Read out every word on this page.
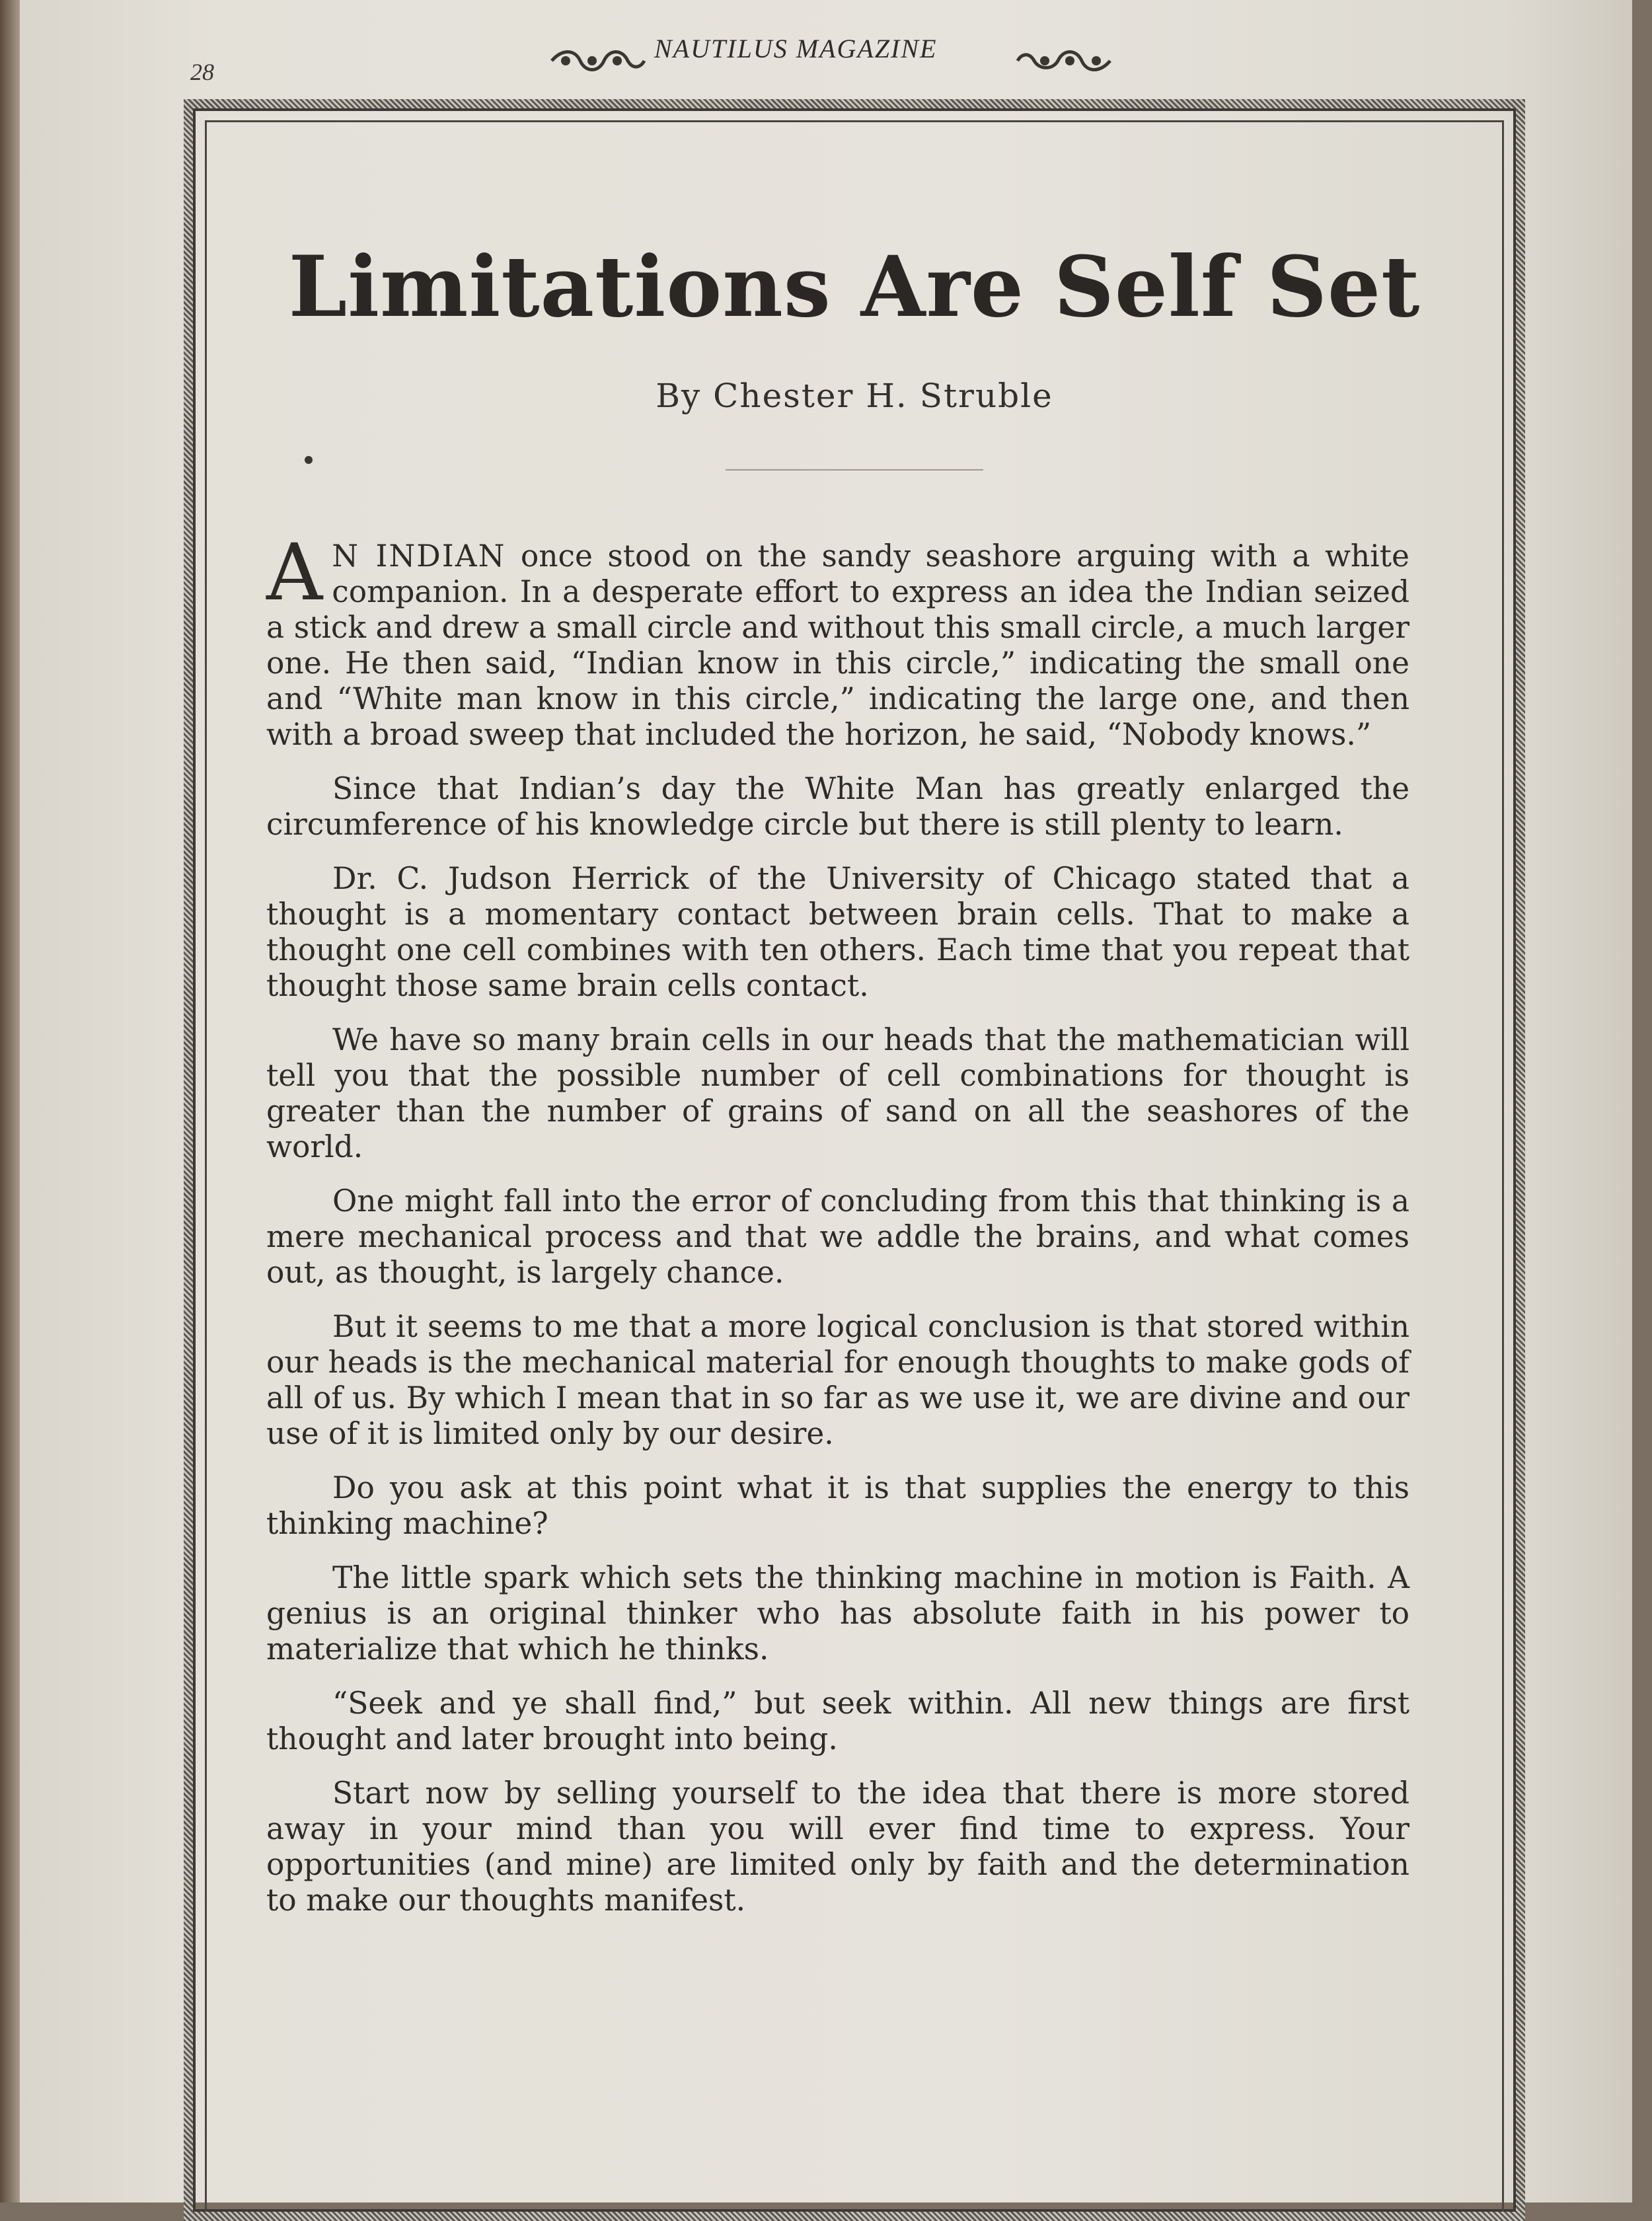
28
NAUTILUS MAGAZINE
Limitations Are Self Set
By Chester H. Struble

A N INDIAN once stood on the sandy seashore arguing with a white companion. In a desperate effort to express an idea the Indian seized a stick and drew a small circle and without this small circle, a much larger one. He then said, “Indian know in this circle,” indicating the small one and “White man know in this circle,” indicating the large one, and then with a broad sweep that included the horizon, he said, “Nobody knows.”

Since that Indian’s day the White Man has greatly enlarged the circumference of his knowledge circle but there is still plenty to learn.

Dr. C. Judson Herrick of the University of Chicago stated that a thought is a momentary contact between brain cells. That to make a thought one cell combines with ten others. Each time that you repeat that thought those same brain cells contact.

We have so many brain cells in our heads that the mathematician will tell you that the possible number of cell combinations for thought is greater than the number of grains of sand on all the seashores of the world.

One might fall into the error of concluding from this that thinking is a mere mechanical process and that we addle the brains, and what comes out, as thought, is largely chance.

But it seems to me that a more logical conclusion is that stored within our heads is the mechanical material for enough thoughts to make gods of all of us. By which I mean that in so far as we use it, we are divine and our use of it is limited only by our desire.

Do you ask at this point what it is that supplies the energy to this thinking machine?

The little spark which sets the thinking machine in motion is Faith. A genius is an original thinker who has absolute faith in his power to materialize that which he thinks.

“Seek and ye shall find,” but seek within. All new things are first thought and later brought into being.

Start now by selling yourself to the idea that there is more stored away in your mind than you will ever find time to express. Your opportunities (and mine) are limited only by faith and the determination to make our thoughts manifest.
